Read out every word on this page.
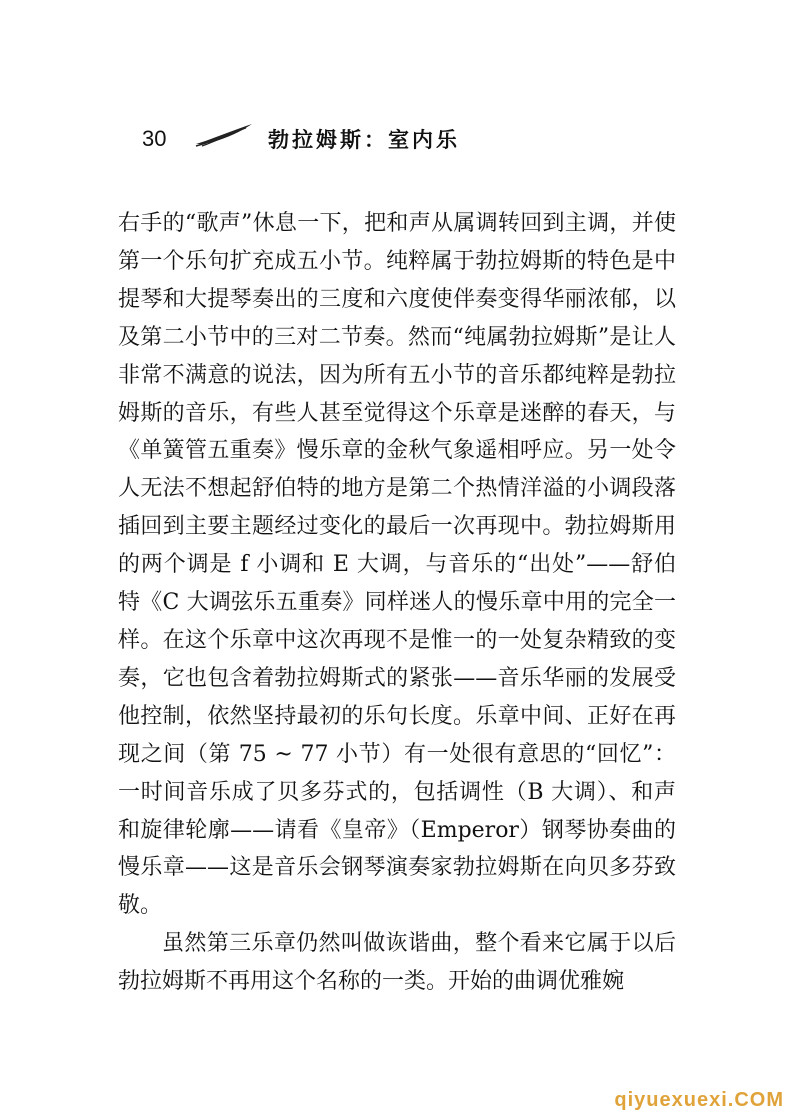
30	勃拉姆斯：室内乐

右手的“歌声”休息一下，把和声从属调转回到主调，并使第一个乐句扩充成五小节。纯粹属于勃拉姆斯的特色是中提琴和大提琴奏出的三度和六度使伴奏变得华丽浓郁，以及第二小节中的三对二节奏。然而“纯属勃拉姆斯”是让人非常不满意的说法，因为所有五小节的音乐都纯粹是勃拉姆斯的音乐，有些人甚至觉得这个乐章是迷醉的春天，与《单簧管五重奏》慢乐章的金秋气象遥相呼应。另一处令人无法不想起舒伯特的地方是第二个热情洋溢的小调段落插回到主要主题经过变化的最后一次再现中。勃拉姆斯用的两个调是 f 小调和 E 大调，与音乐的“出处”——舒伯特《C 大调弦乐五重奏》同样迷人的慢乐章中用的完全一样。在这个乐章中这次再现不是惟一的一处复杂精致的变奏，它也包含着勃拉姆斯式的紧张——音乐华丽的发展受他控制，依然坚持最初的乐句长度。乐章中间、正好在再现之间（第 75 ~ 77 小节）有一处很有意思的“回忆”：一时间音乐成了贝多芬式的，包括调性（B 大调）、和声和旋律轮廓——请看《皇帝》（Emperor）钢琴协奏曲的慢乐章——这是音乐会钢琴演奏家勃拉姆斯在向贝多芬致敬。

虽然第三乐章仍然叫做诙谐曲，整个看来它属于以后勃拉姆斯不再用这个名称的一类。开始的曲调优雅婉

qiyuexuexi.COM
